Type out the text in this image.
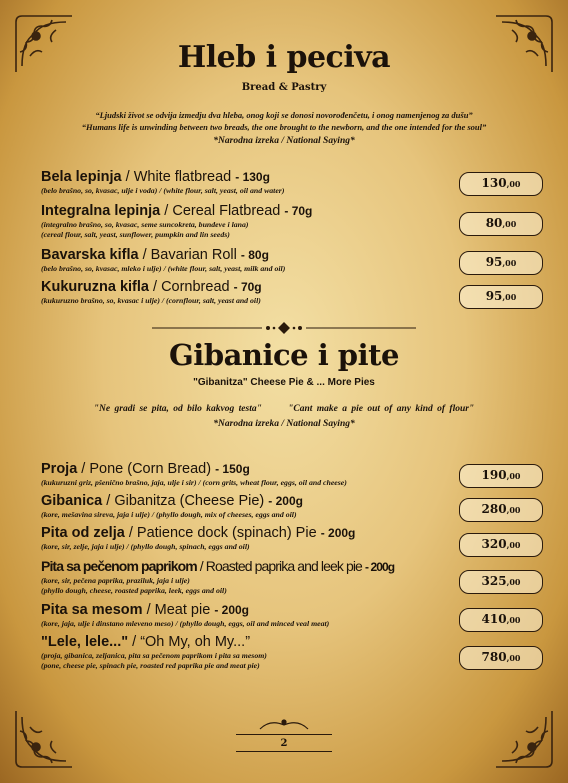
Hleb i peciva
Bread & Pastry
“Ljudski život se odvija izmedju dva hleba, onog koji se donosi novorođenčetu, i onog namenjenog za dušu”
“Humans life is unwinding between two breads, the one brought to the newborn, and the one intended for the soul”
*Narodna izreka / National Saying*
Bela lepinja / White flatbread - 130g
(belo brašno, so, kvasac, ulje i voda) / (white flour, salt, yeast, oil and water)
130,00
Integralna lepinja / Cereal Flatbread - 70g
(integralno brašno, so, kvasac, seme suncokreta, bundeve i lana)
(cereal flour, salt, yeast, sunflower, pumpkin and lin seeds)
80,00
Bavarska kifla / Bavarian Roll - 80g
(belo brašno, so, kvasac, mleko i ulje) / (white flour, salt, yeast, milk and oil)	95,00
Kukuruzna kifla / Cornbread - 70g
(kukuruzno brašno, so, kvasac i ulje) / (cornflour, salt, yeast and oil)	95,00
Gibanice i pite
"Gibanitza" Cheese Pie & ... More Pies
"Ne gradi se pita, od bilo kakvog testa"	"Cant make a pie out of any kind of flour"
*Narodna izreka / National Saying*
Proja / Pone (Corn Bread) - 150g
(kukuruzni griz, pšenično brašno, jaja, ulje i sir) / (corn grits, wheat flour, eggs, oil and cheese)
190,00
Gibanica / Gibanitza (Cheese Pie) - 200g
(kore, mešavina sireva, jaja i ulje) / (phyllo dough, mix of cheeses, eggs and oil)	280,00
Pita od zelja / Patience dock (spinach) Pie - 200g
(kore, sir, zelje, jaja i ulje) / (phyllo dough, spinach, eggs and oil)	320,00
Pita sa pečenom paprikom / Roasted paprika and leek pie - 200g
(kore, sir, pečena paprika, praziluk, jaja i ulje)
(phyllo dough, cheese, roasted paprika, leek, eggs and oil)
325,00
Pita sa mesom / Meat pie - 200g
(kore, jaja, ulje i dinstano mleveno meso) / (phyllo dough, eggs, oil and minced veal meat)	410,00
"Lele, lele..." / “Oh My, oh My...”
(proja, gibanica, zeljanica, pita sa pečenom paprikom i pita sa mesom)
(pone, cheese pie, spinach pie, roasted red paprika pie and meat pie)
780,00
2
